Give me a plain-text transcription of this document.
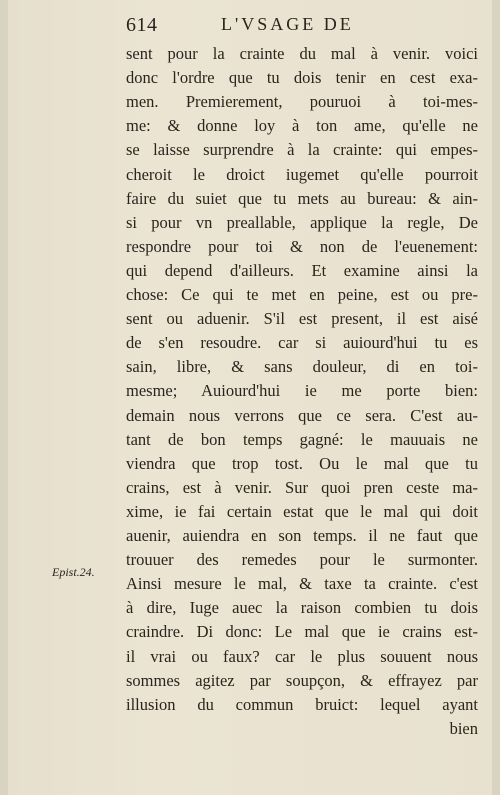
614	L'VSAGE DE
Epist.24.
sent pour la crainte du mal à venir. voici
donc l'ordre que tu dois tenir en cest exa-
men. Premierement, pouruoi à toi-mes-
me: & donne loy à ton ame, qu'elle ne
se laisse surprendre à la crainte: qui empes-
cheroit le droict iugemet qu'elle pourroit
faire du suiet que tu mets au bureau: & ain-
si pour vn preallable, applique la regle, De
respondre pour toi & non de l'euenement:
qui depend d'ailleurs. Et examine ainsi la
chose: Ce qui te met en peine, est ou pre-
sent ou aduenir. S'il est present, il est aisé
de s'en resoudre. car si auiourd'hui tu es
sain, libre, & sans douleur, di en toi-
mesme; Auiourd'hui ie me porte bien:
demain nous verrons que ce sera. C'est au-
tant de bon temps gagné: le mauuais ne
viendra que trop tost. Ou le mal que tu
crains, est à venir. Sur quoi pren ceste ma-
xime, ie fai certain estat que le mal qui doit
auenir, auiendra en son temps. il ne faut que
trouuer des remedes pour le surmonter.
Ainsi mesure le mal, & taxe ta crainte. c'est
à dire, Iuge auec la raison combien tu dois
craindre. Di donc: Le mal que ie crains est-
il vrai ou faux? car le plus souuent nous
sommes agitez par soupçon, & effrayez par
illusion du commun bruict: lequel ayant
bien
